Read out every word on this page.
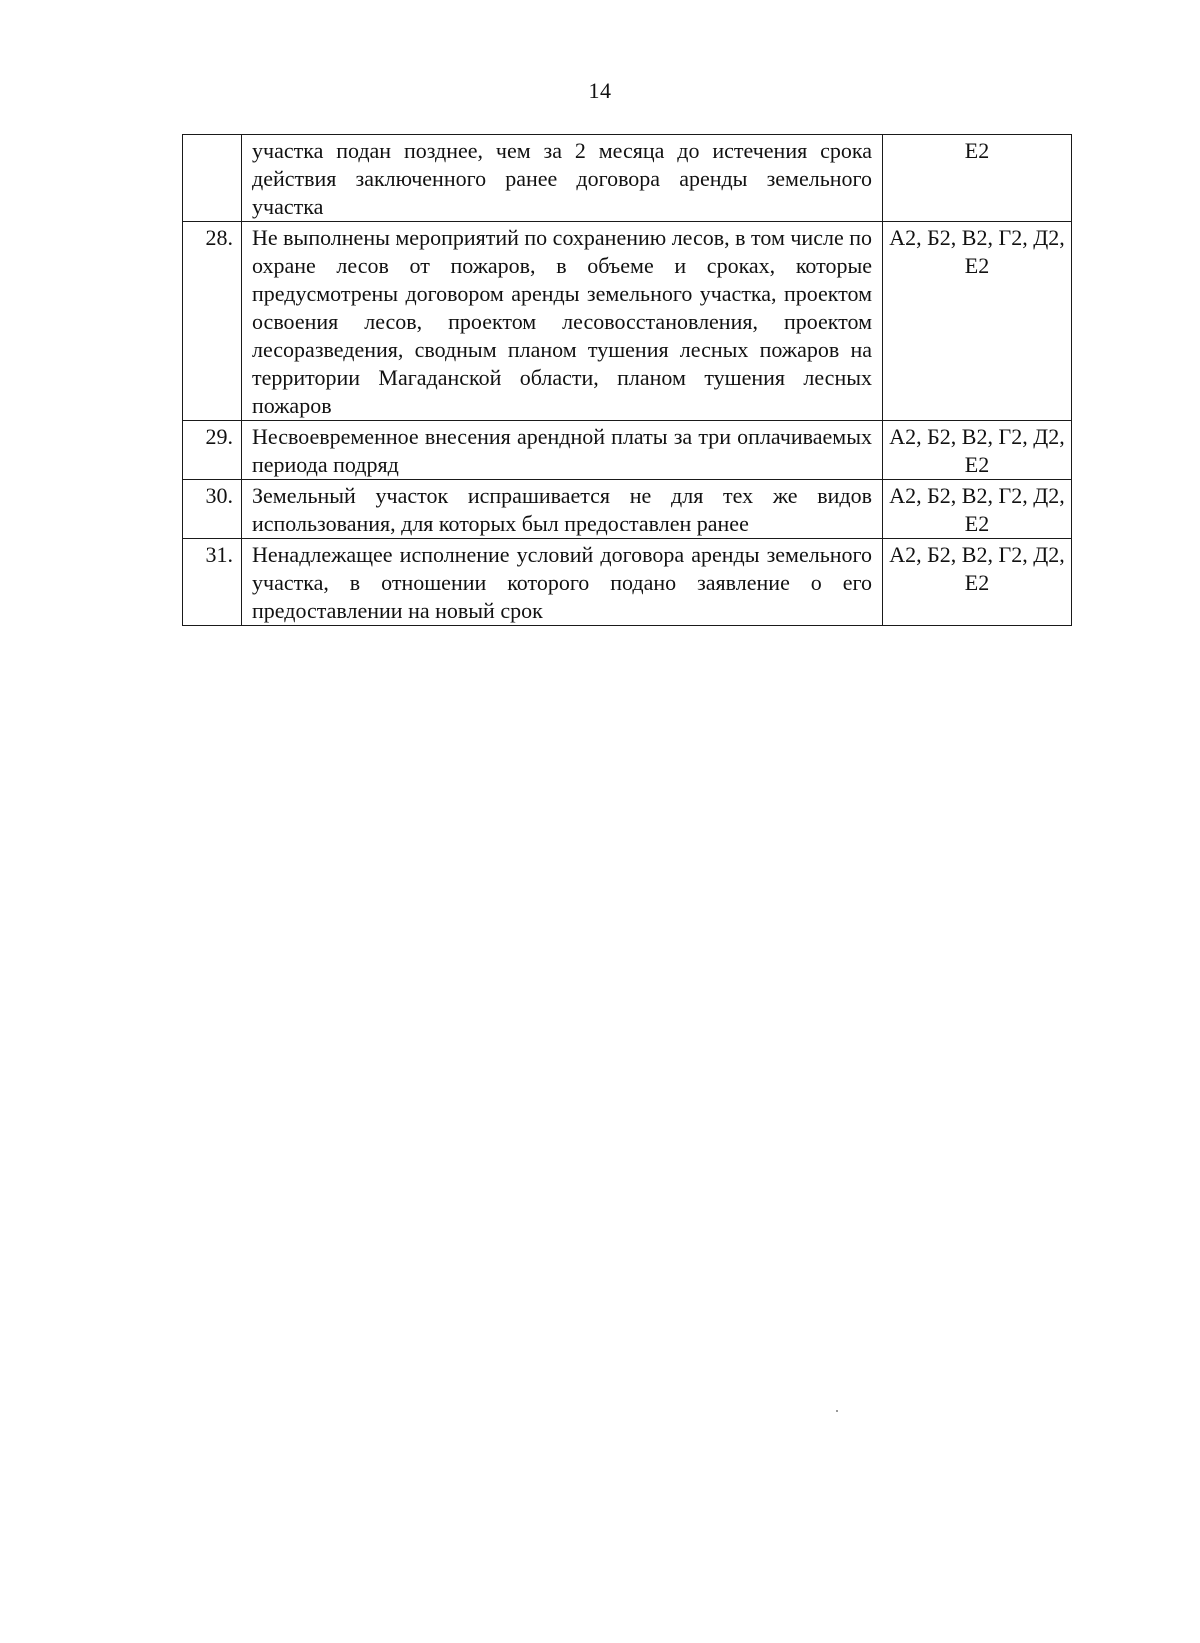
14
	участка подан позднее, чем за 2 месяца до истечения срока действия заключенного ранее договора аренды земельного участка	Е2

28.	Не выполнены мероприятий по сохранению лесов, в том числе по охране лесов от пожаров, в объеме и сроках, которые предусмотрены договором аренды земельного участка, проектом освоения лесов, проектом лесовосстановления, проектом лесоразведения, сводным планом тушения лесных пожаров на территории Магаданской области, планом тушения лесных пожаров	А2, Б2, В2, Г2, Д2,
Е2

29.	Несвоевременное внесения арендной платы за три оплачиваемых периода подряд	А2, Б2, В2, Г2, Д2,
Е2

30.	Земельный участок испрашивается не для тех же видов использования, для которых был предоставлен ранее	А2, Б2, В2, Г2, Д2,
Е2

31.	Ненадлежащее исполнение условий договора аренды земельного участка, в отношении которого подано заявление о его предоставлении на новый срок	А2, Б2, В2, Г2, Д2,
Е2
